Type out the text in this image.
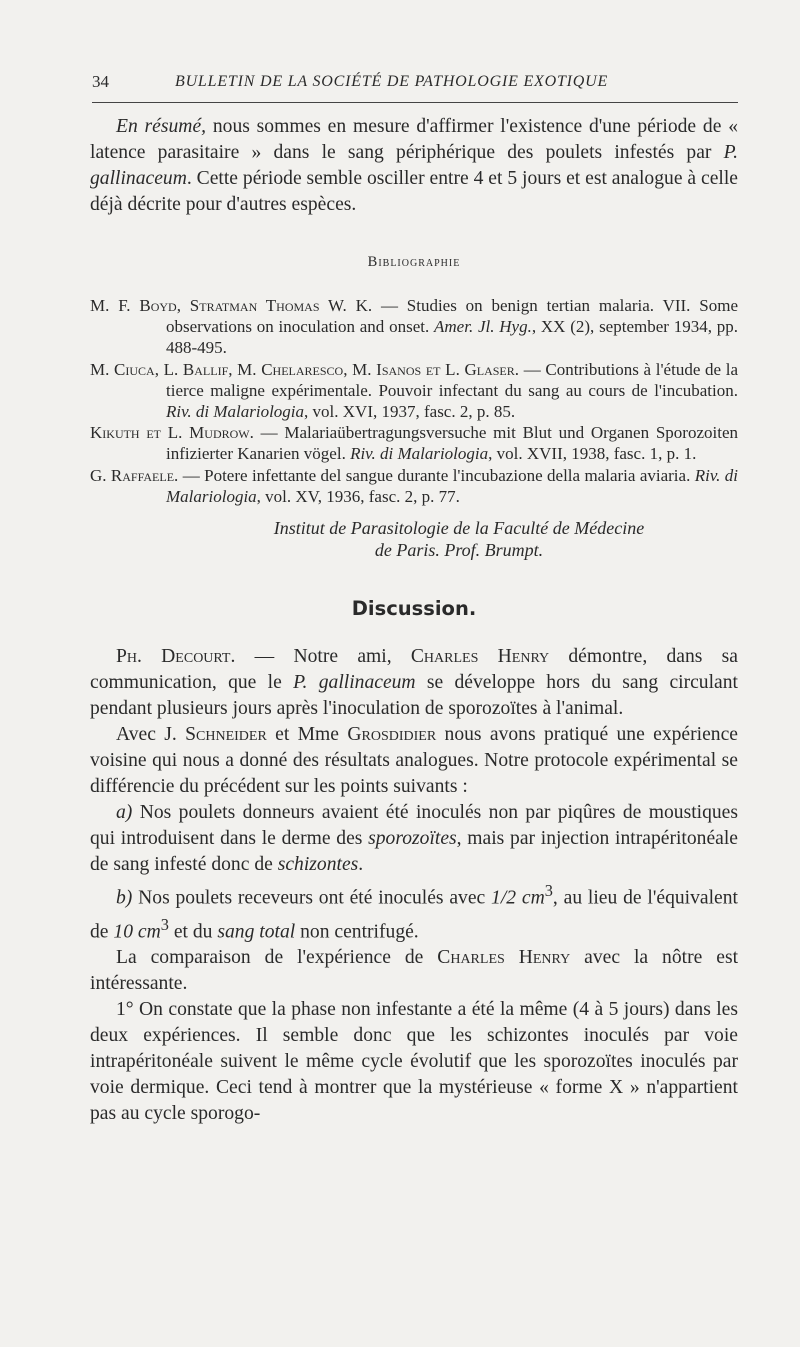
34	BULLETIN DE LA SOCIÉTÉ DE PATHOLOGIE EXOTIQUE

En résumé, nous sommes en mesure d'affirmer l'existence d'une période de « latence parasitaire » dans le sang périphérique des poulets infestés par P. gallinaceum. Cette période semble osciller entre 4 et 5 jours et est analogue à celle déjà décrite pour d'autres espèces.

Bibliographie

M. F. Boyd, Stratman Thomas W. K. — Studies on benign tertian malaria. VII. Some observations on inoculation and onset. Amer. Jl. Hyg., XX (2), september 1934, pp. 488-495.

M. Ciuca, L. Ballif, M. Chelaresco, M. Isanos et L. Glaser. — Contributions à l'étude de la tierce maligne expérimentale. Pouvoir infectant du sang au cours de l'incubation. Riv. di Malariologia, vol. XVI, 1937, fasc. 2, p. 85.

Kikuth et L. Mudrow. — Malariaübertragungsversuche mit Blut und Organen Sporozoiten infizierter Kanarien vögel. Riv. di Malariologia, vol. XVII, 1938, fasc. 1, p. 1.

G. Raffaele. — Potere infettante del sangue durante l'incubazione della malaria aviaria. Riv. di Malariologia, vol. XV, 1936, fasc. 2, p. 77.

Institut de Parasitologie de la Faculté de Médecine
de Paris. Prof. Brumpt.
Discussion.

Ph. Decourt. — Notre ami, Charles Henry démontre, dans sa communication, que le P. gallinaceum se développe hors du sang circulant pendant plusieurs jours après l'inoculation de sporozoïtes à l'animal.

Avec J. Schneider et Mme Grosdidier nous avons pratiqué une expérience voisine qui nous a donné des résultats analogues. Notre protocole expérimental se différencie du précédent sur les points suivants :

a) Nos poulets donneurs avaient été inoculés non par piqûres de moustiques qui introduisent dans le derme des sporozoïtes, mais par injection intrapéritonéale de sang infesté donc de schizontes.

b) Nos poulets receveurs ont été inoculés avec 1/2 $cm^3$, au lieu de l'équivalent de 10 $cm^3$ et du sang total non centrifugé.

La comparaison de l'expérience de Charles Henry avec la nôtre est intéressante.

1° On constate que la phase non infestante a été la même (4 à 5 jours) dans les deux expériences. Il semble donc que les schizontes inoculés par voie intrapéritonéale suivent le même cycle évolutif que les sporozoïtes inoculés par voie dermique. Ceci tend à montrer que la mystérieuse « forme X » n'appartient pas au cycle sporogo-
